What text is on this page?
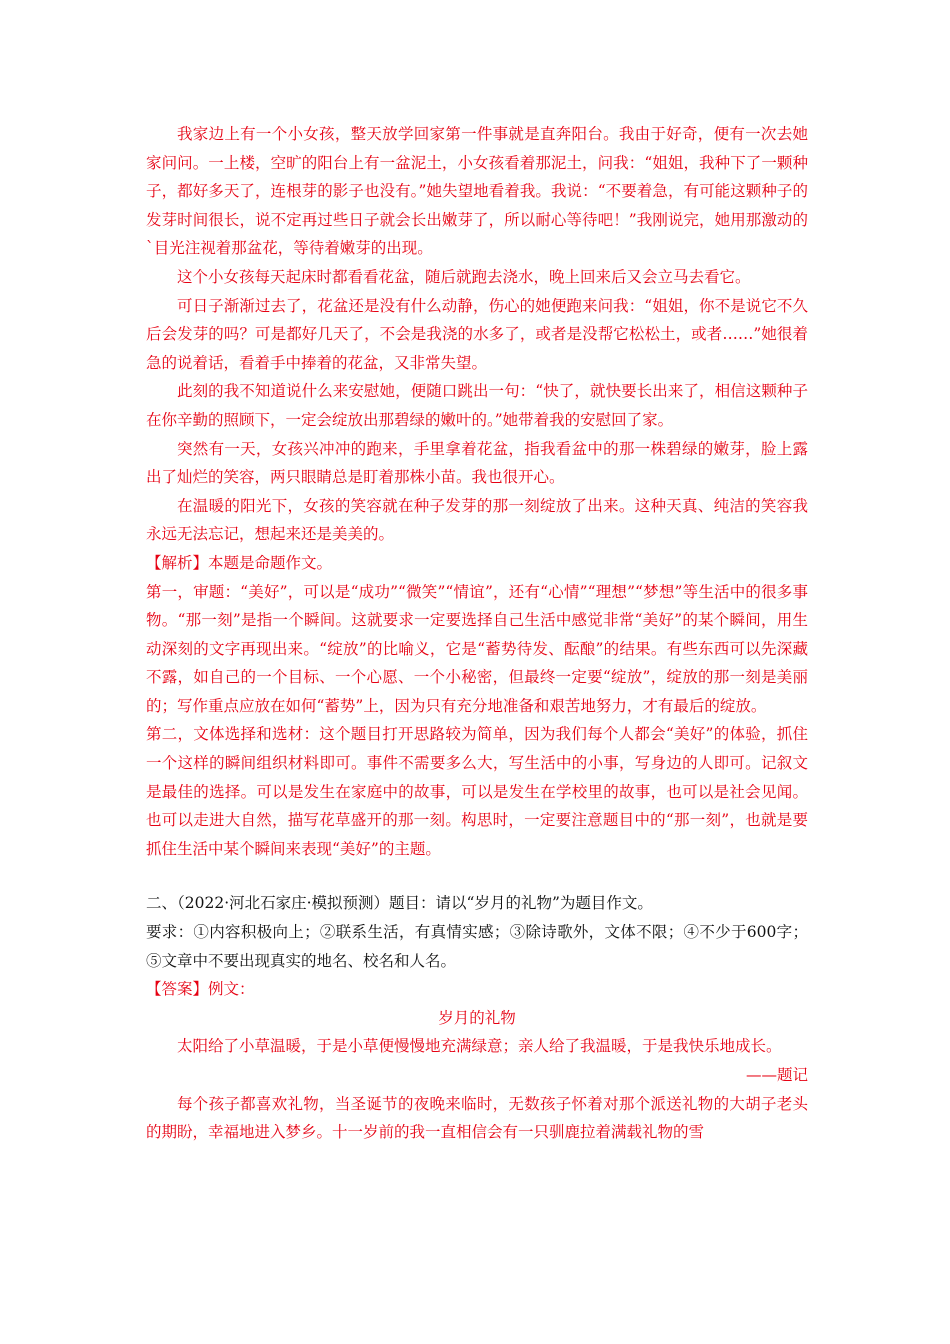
我家边上有一个小女孩，整天放学回家第一件事就是直奔阳台。我由于好奇，便有一次去她家问问。一上楼，空旷的阳台上有一盆泥土，小女孩看着那泥土，问我：“姐姐，我种下了一颗种子，都好多天了，连根芽的影子也没有。”她失望地看着我。我说：“不要着急，有可能这颗种子的发芽时间很长，说不定再过些日子就会长出嫩芽了，所以耐心等待吧！”我刚说完，她用那激动的`目光注视着那盆花，等待着嫩芽的出现。

这个小女孩每天起床时都看看花盆，随后就跑去浇水，晚上回来后又会立马去看它。

可日子渐渐过去了，花盆还是没有什么动静，伤心的她便跑来问我：“姐姐，你不是说它不久后会发芽的吗？可是都好几天了，不会是我浇的水多了，或者是没帮它松松土，或者……”她很着急的说着话，看着手中捧着的花盆，又非常失望。

此刻的我不知道说什么来安慰她，便随口跳出一句：“快了，就快要长出来了，相信这颗种子在你辛勤的照顾下，一定会绽放出那碧绿的嫩叶的。”她带着我的安慰回了家。

突然有一天，女孩兴冲冲的跑来，手里拿着花盆，指我看盆中的那一株碧绿的嫩芽，脸上露出了灿烂的笑容，两只眼睛总是盯着那株小苗。我也很开心。

在温暖的阳光下，女孩的笑容就在种子发芽的那一刻绽放了出来。这种天真、纯洁的笑容我永远无法忘记，想起来还是美美的。

【解析】本题是命题作文。

第一，审题：“美好”，可以是“成功”“微笑”“情谊”，还有“心情”“理想”“梦想”等生活中的很多事物。“那一刻”是指一个瞬间。这就要求一定要选择自己生活中感觉非常“美好”的某个瞬间，用生动深刻的文字再现出来。“绽放”的比喻义，它是“蓄势待发、酝酿”的结果。有些东西可以先深藏不露，如自己的一个目标、一个心愿、一个小秘密，但最终一定要“绽放”，绽放的那一刻是美丽的；写作重点应放在如何“蓄势”上，因为只有充分地准备和艰苦地努力，才有最后的绽放。

第二，文体选择和选材：这个题目打开思路较为简单，因为我们每个人都会“美好”的体验，抓住一个这样的瞬间组织材料即可。事件不需要多么大，写生活中的小事，写身边的人即可。记叙文是最佳的选择。可以是发生在家庭中的故事，可以是发生在学校里的故事，也可以是社会见闻。也可以走进大自然，描写花草盛开的那一刻。构思时，一定要注意题目中的“那一刻”，也就是要抓住生活中某个瞬间来表现“美好”的主题。

二、（2022·河北石家庄·模拟预测）题目：请以“岁月的礼物”为题目作文。

要求：①内容积极向上；②联系生活，有真情实感；③除诗歌外，文体不限；④不少于600字；⑤文章中不要出现真实的地名、校名和人名。

【答案】例文：

岁月的礼物

太阳给了小草温暖，于是小草便慢慢地充满绿意；亲人给了我温暖，于是我快乐地成长。

——题记

每个孩子都喜欢礼物，当圣诞节的夜晚来临时，无数孩子怀着对那个派送礼物的大胡子老头的期盼，幸福地进入梦乡。十一岁前的我一直相信会有一只驯鹿拉着满载礼物的雪
